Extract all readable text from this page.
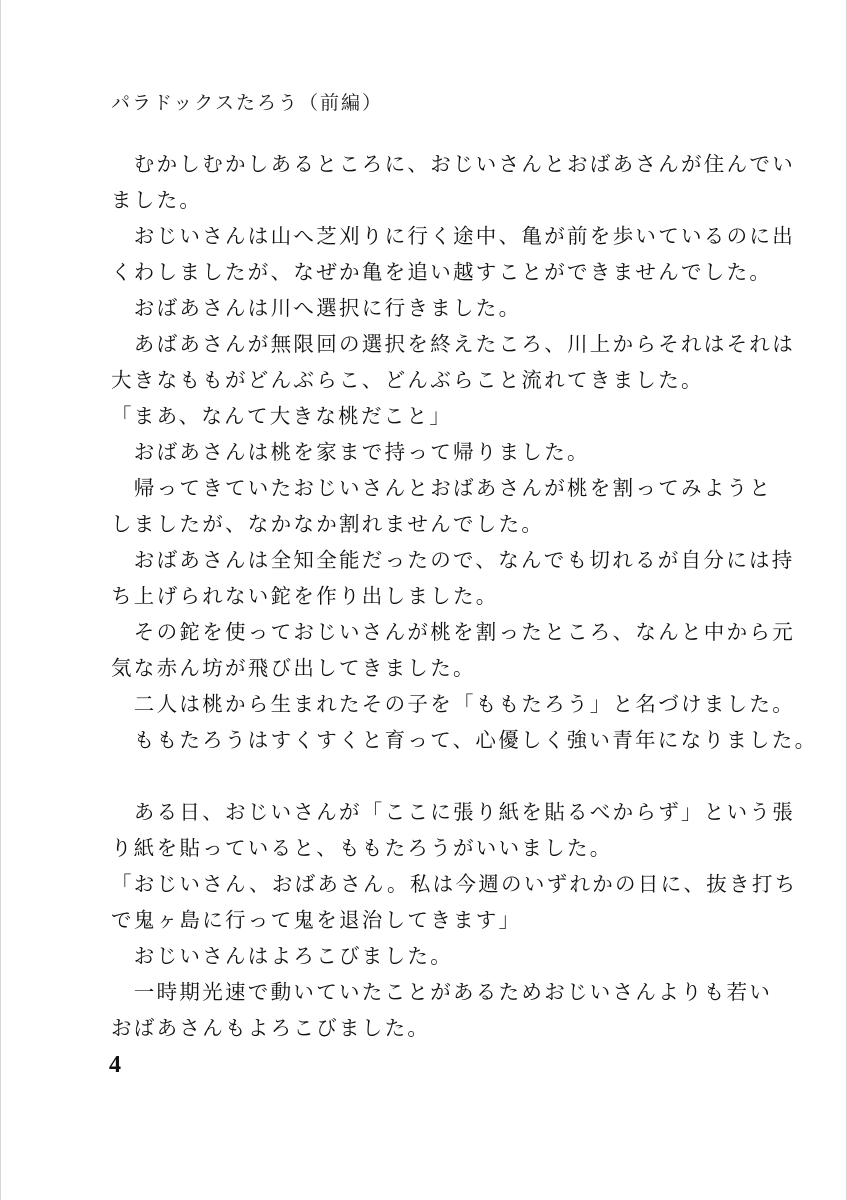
パラドックスたろう（前編）
　むかしむかしあるところに、おじいさんとおばあさんが住んでい
ました。
　おじいさんは山へ芝刈りに行く途中、亀が前を歩いているのに出
くわしましたが、なぜか亀を追い越すことができませんでした。
　おばあさんは川へ選択に行きました。
　あばあさんが無限回の選択を終えたころ、川上からそれはそれは
大きなももがどんぶらこ、どんぶらこと流れてきました。
「まあ、なんて大きな桃だこと」
　おばあさんは桃を家まで持って帰りました。
　帰ってきていたおじいさんとおばあさんが桃を割ってみようと
しましたが、なかなか割れませんでした。
　おばあさんは全知全能だったので、なんでも切れるが自分には持
ち上げられない鉈を作り出しました。
　その鉈を使っておじいさんが桃を割ったところ、なんと中から元
気な赤ん坊が飛び出してきました。
　二人は桃から生まれたその子を「ももたろう」と名づけました。
　ももたろうはすくすくと育って、心優しく強い青年になりました。
　ある日、おじいさんが「ここに張り紙を貼るべからず」という張
り紙を貼っていると、ももたろうがいいました。
「おじいさん、おばあさん。私は今週のいずれかの日に、抜き打ち
で鬼ヶ島に行って鬼を退治してきます」
　おじいさんはよろこびました。
　一時期光速で動いていたことがあるためおじいさんよりも若い
おばあさんもよろこびました。
4
